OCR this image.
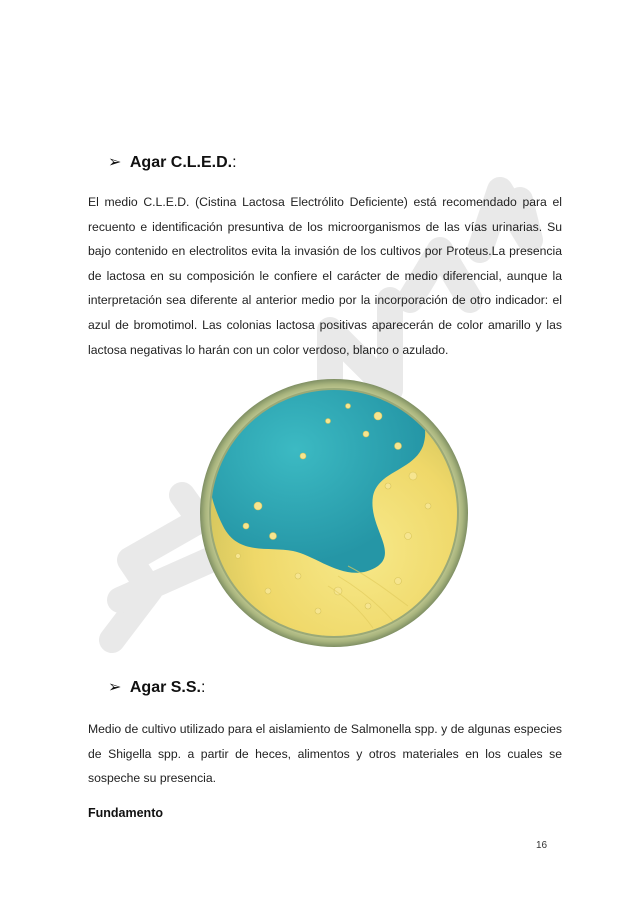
➢ Agar C.L.E.D.:

El medio C.L.E.D. (Cistina Lactosa Electrólito Deficiente) está recomendado para el recuento e identificación presuntiva de los microorganismos de las vías urinarias. Su bajo contenido en electrolitos evita la invasión de los cultivos por Proteus.La presencia de lactosa en su composición le confiere el carácter de medio diferencial, aunque la interpretación sea diferente al anterior medio por la incorporación de otro indicador: el azul de bromotimol. Las colonias lactosa positivas aparecerán de color amarillo y las lactosa negativas lo harán con un color verdoso, blanco o azulado.

➢ Agar S.S.:

Medio de cultivo utilizado para el aislamiento de Salmonella spp. y de algunas especies de Shigella spp. a partir de heces, alimentos y otros materiales en los cuales se sospeche su presencia.

Fundamento
16
